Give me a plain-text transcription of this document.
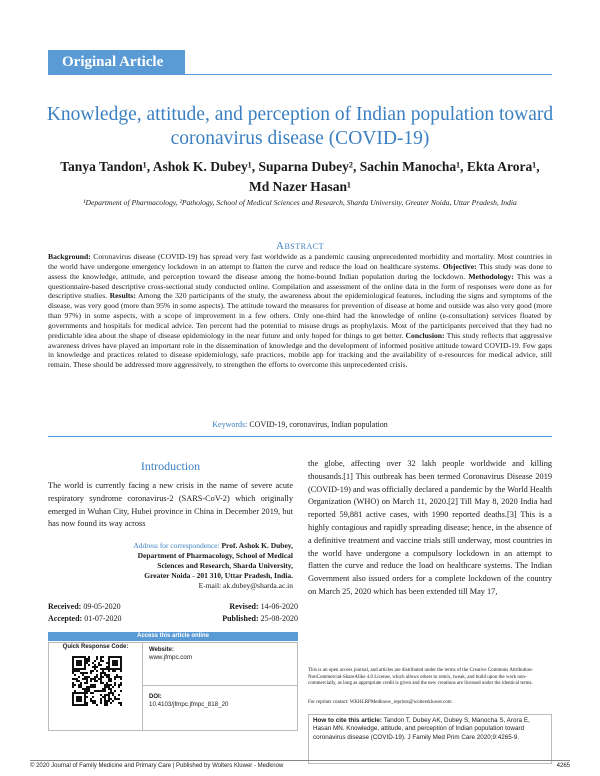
Original Article
Knowledge, attitude, and perception of Indian population toward coronavirus disease (COVID-19)
Tanya Tandon¹, Ashok K. Dubey¹, Suparna Dubey², Sachin Manocha¹, Ekta Arora¹, Md Nazer Hasan¹
¹Department of Pharmacology, ²Pathology, School of Medical Sciences and Research, Sharda University, Greater Noida, Uttar Pradesh, India
Abstract
Background: Coronavirus disease (COVID-19) has spread very fast worldwide as a pandemic causing unprecedented morbidity and mortality. Most countries in the world have undergone emergency lockdown in an attempt to flatten the curve and reduce the load on healthcare systems. Objective: This study was done to assess the knowledge, attitude, and perception toward the disease among the home-bound Indian population during the lockdown. Methodology: This was a questionnaire-based descriptive cross-sectional study conducted online. Compilation and assessment of the online data in the form of responses were done as for descriptive studies. Results: Among the 320 participants of the study, the awareness about the epidemiological features, including the signs and symptoms of the disease, was very good (more than 95% in some aspects). The attitude toward the measures for prevention of disease at home and outside was also very good (more than 97%) in some aspects, with a scope of improvement in a few others. Only one-third had the knowledge of online (e-consultation) services floated by governments and hospitals for medical advice. Ten percent had the potential to misuse drugs as prophylaxis. Most of the participants perceived that they had no predictable idea about the shape of disease epidemiology in the near future and only hoped for things to get better. Conclusion: This study reflects that aggressive awareness drives have played an important role in the dissemination of knowledge and the development of informed positive attitude toward COVID-19. Few gaps in knowledge and practices related to disease epidemiology, safe practices, mobile app for tracking and the availability of e-resources for medical advice, still remain. These should be addressed more aggressively, to strengthen the efforts to overcome this unprecedented crisis.
Keywords: COVID-19, coronavirus, Indian population
Introduction
The world is currently facing a new crisis in the name of severe acute respiratory syndrome coronavirus-2 (SARS-CoV-2) which originally emerged in Wuhan City, Hubei province in China in December 2019, but has now found its way across
the globe, affecting over 32 lakh people worldwide and killing thousands.[1] This outbreak has been termed Coronavirus Disease 2019 (COVID-19) and was officially declared a pandemic by the World Health Organization (WHO) on March 11, 2020.[2] Till May 8, 2020 India had reported 59,881 active cases, with 1990 reported deaths.[3] This is a highly contagious and rapidly spreading disease; hence, in the absence of a definitive treatment and vaccine trials still underway, most countries in the world have undergone a compulsory lockdown in an attempt to flatten the curve and reduce the load on healthcare systems. The Indian Government also issued orders for a complete lockdown of the country on March 25, 2020 which has been extended till May 17,
Address for correspondence: Prof. Ashok K. Dubey,
Department of Pharmacology, School of Medical
Sciences and Research, Sharda University,
Greater Noida - 201 310, Uttar Pradesh, India.
E-mail: ak.dubey@sharda.ac.in
Received: 09-05-2020	Revised: 14-06-2020
Accepted: 01-07-2020	Published: 25-08-2020
Access this article online
Quick Response Code:	Website:
www.jfmpc.com
DOI:
10.4103/jfmpc.jfmpc_818_20
This is an open access journal, and articles are distributed under the terms of the Creative Commons Attribution-NonCommercial-ShareAlike 4.0 License, which allows others to remix, tweak, and build upon the work non-commercially, as long as appropriate credit is given and the new creations are licensed under the identical terms.
For reprints contact: WKHLRPMedknow_reprints@wolterskluwer.com
How to cite this article: Tandon T, Dubey AK, Dubey S, Manocha S, Arora E, Hasan MN. Knowledge, attitude, and perception of Indian population toward coronavirus disease (COVID-19). J Family Med Prim Care 2020;9:4265-9.
© 2020 Journal of Family Medicine and Primary Care | Published by Wolters Kluwer - Medknow	4265
